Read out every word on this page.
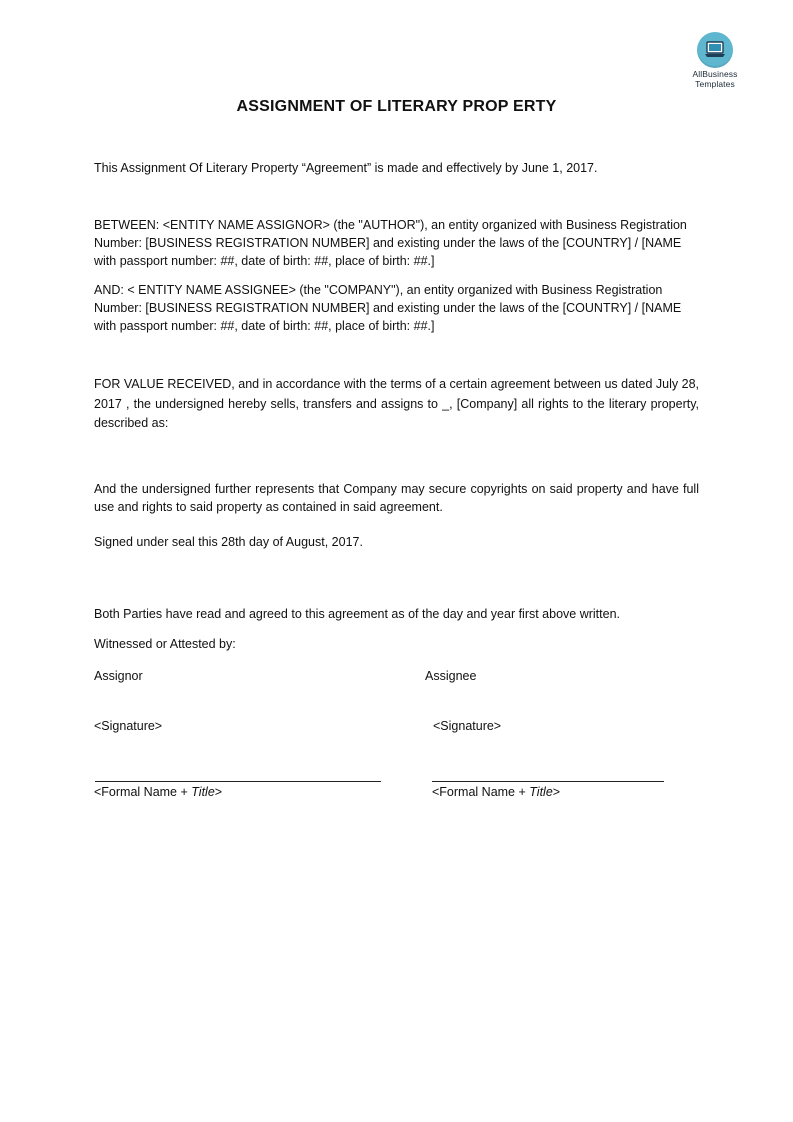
AllBusiness
Templates
ASSIGNMENT OF LITERARY PROP ERTY
This Assignment Of Literary Property “Agreement” is made and effectively by June 1, 2017.
BETWEEN: <ENTITY NAME ASSIGNOR> (the "AUTHOR"), an entity organized with Business Registration Number: [BUSINESS REGISTRATION NUMBER] and existing under the laws of the [COUNTRY] / [NAME with passport number: ##, date of birth: ##, place of birth: ##.]
AND: < ENTITY NAME ASSIGNEE> (the "COMPANY"), an entity organized with Business Registration Number: [BUSINESS REGISTRATION NUMBER] and existing under the laws of the [COUNTRY] / [NAME with passport number: ##, date of birth: ##, place of birth: ##.]
FOR VALUE RECEIVED, and in accordance with the terms of a certain agreement between us dated July 28, 2017 , the undersigned hereby sells, transfers and assigns to _, [Company] all rights to the literary property, described as:
And the undersigned further represents that Company may secure copyrights on said property and have full use and rights to said property as contained in said agreement.
Signed under seal this 28th day of August, 2017.
Both Parties have read and agreed to this agreement as of the day and year first above written.
Witnessed or Attested by:
Assignor
<Signature>
<Formal Name + Title>
Assignee
<Signature>
<Formal Name + Title>
